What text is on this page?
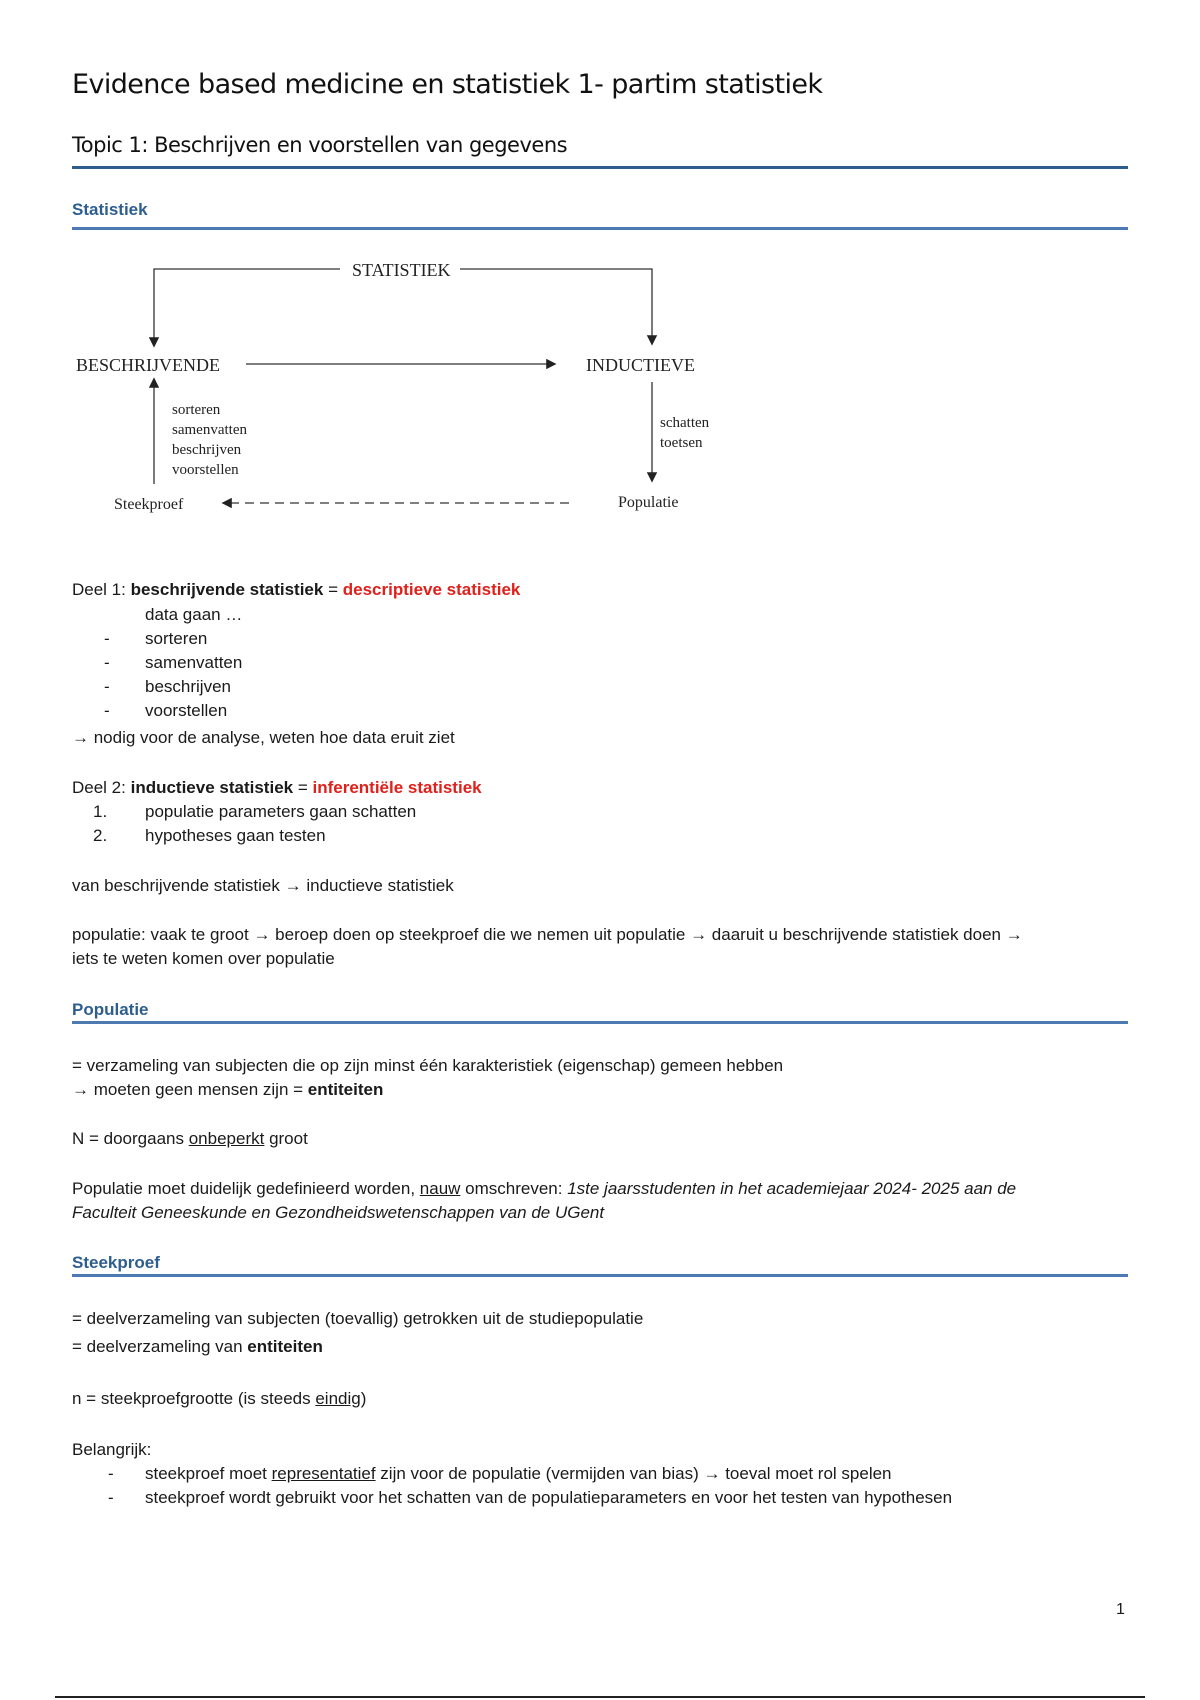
Evidence based medicine en statistiek 1- partim statistiek
Topic 1: Beschrijven en voorstellen van gegevens
Statistiek
STATISTIEK
BESCHRIJVENDE	INDUCTIEVE
sorteren
samenvatten
beschrijven
voorstellen
schatten
toetsen
Steekproef	Populatie
Deel 1: beschrijvende statistiek = descriptieve statistiek
data gaan …
- sorteren
- samenvatten
- beschrijven
- voorstellen
→ nodig voor de analyse, weten hoe data eruit ziet
Deel 2: inductieve statistiek = inferentiële statistiek
1. populatie parameters gaan schatten
2. hypotheses gaan testen
van beschrijvende statistiek → inductieve statistiek
populatie: vaak te groot → beroep doen op steekproef die we nemen uit populatie → daaruit u beschrijvende statistiek doen →
iets te weten komen over populatie
Populatie
= verzameling van subjecten die op zijn minst één karakteristiek (eigenschap) gemeen hebben
→ moeten geen mensen zijn = entiteiten
N = doorgaans onbeperkt groot
Populatie moet duidelijk gedefinieerd worden, nauw omschreven: 1ste jaarsstudenten in het academiejaar 2024- 2025 aan de
Faculteit Geneeskunde en Gezondheidswetenschappen van de UGent
Steekproef
= deelverzameling van subjecten (toevallig) getrokken uit de studiepopulatie
= deelverzameling van entiteiten
n = steekproefgrootte (is steeds eindig)
Belangrijk:
- steekproef moet representatief zijn voor de populatie (vermijden van bias) → toeval moet rol spelen
- steekproef wordt gebruikt voor het schatten van de populatieparameters en voor het testen van hypothesen
1
